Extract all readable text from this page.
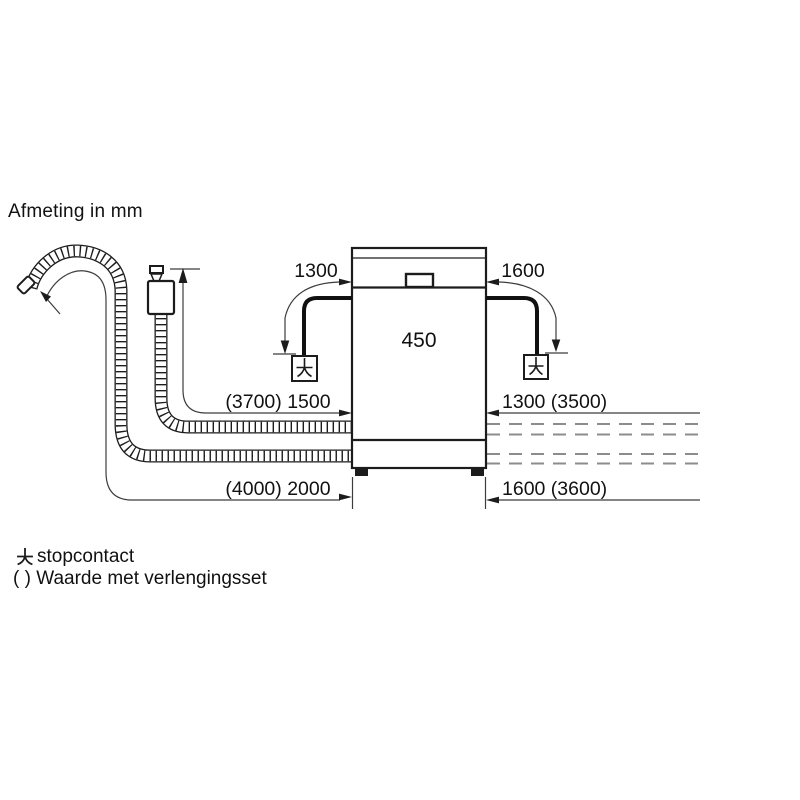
Afmeting in mm
1300	1600
450
(3700) 1500
(4000) 2000
1300 (3500)
1600 (3600)
stopcontact
( ) Waarde met verlengingsset
